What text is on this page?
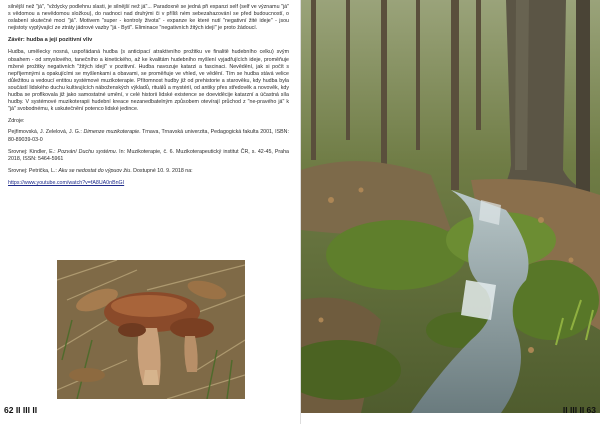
silnější než "já", "vždycky podlehnu slasti, je silnější než já"... Paradoxně se jedná při expanzi self (self ve významu "já" s vědomou a nevědomou složkou), do nadnoci nad druhými či v příliš ném sebezahazování se před budoucností, o oslabení skutečné moci "já". Motivem "super - kontroly života" - expanze ke které nutí "negativní žité ideje" - jsou nejistoty vyplývající ze ztráty jádrové vazby "já - Bytí". Eliminace "negativních žitých idejí" je proto žádoucí.

Závěr: hudba a její pozitivní vliv

Hudba, umělecky nosná, uspořádaná hudba (s anticipací atraktivního prožitku ve finalitě hudebního celku) svým obsahem - od smyslového, tanečního a kinetického, až ke kvalitám hudebního myšlení vyjadřujících ideje, proměňuje mžené prožitky negativních "žitých idejí" v pozitivní. Hudba navozuje katarzi a fascinaci. Nevědění, jak si počít s nepříjemnými a opakujícími se myšlenkami a obavami, se proměňuje ve vhled, ve vědění. Tím se hudba stává velice důležitou a vedoucí entitou systémové muzikoterapie. Přítomnost hudby již od prehistorie a starověku, kdy hudba byla součástí lidského duchu kultivujících náboženských výkladů, rituálů a mystérií, od antiky přes středověk a novověk, kdy hudba se proflkovala již jako samostatné umění, v celé historii lidské existence se doeviděcije katarzní a účastná síla hudby. V systémové muzikoterapii hudební kreace nezanedbatelným způsobem otevírají průchod z "ne-pravého já" k "já" svobodnému, k uskutečnění potenco lidské jedince.

Zdroje:

Pejřimovská, J. Zelelová, J. G.: Dimenze muzikoterapie. Trnava, Trnavská univerzita, Pedagogická fakulta 2001, ISBN: 80-89039-03-0

Srovnej: Kindler, E.: Pozvání Duchu systému. In: Muzikoterapie, č. 6. Muzikoterapeutický institut ČR, s. 42-45, Praha 2018, ISSN: 5464-5961

Srovnej: Petrička, L.: Aku se nedostat do výpuov žiu. Dostupné 10. 9. 2018 na:

https://www.youtube.com/watch?v=fA8UA0nBnGI

62 II III II	II III II 63
